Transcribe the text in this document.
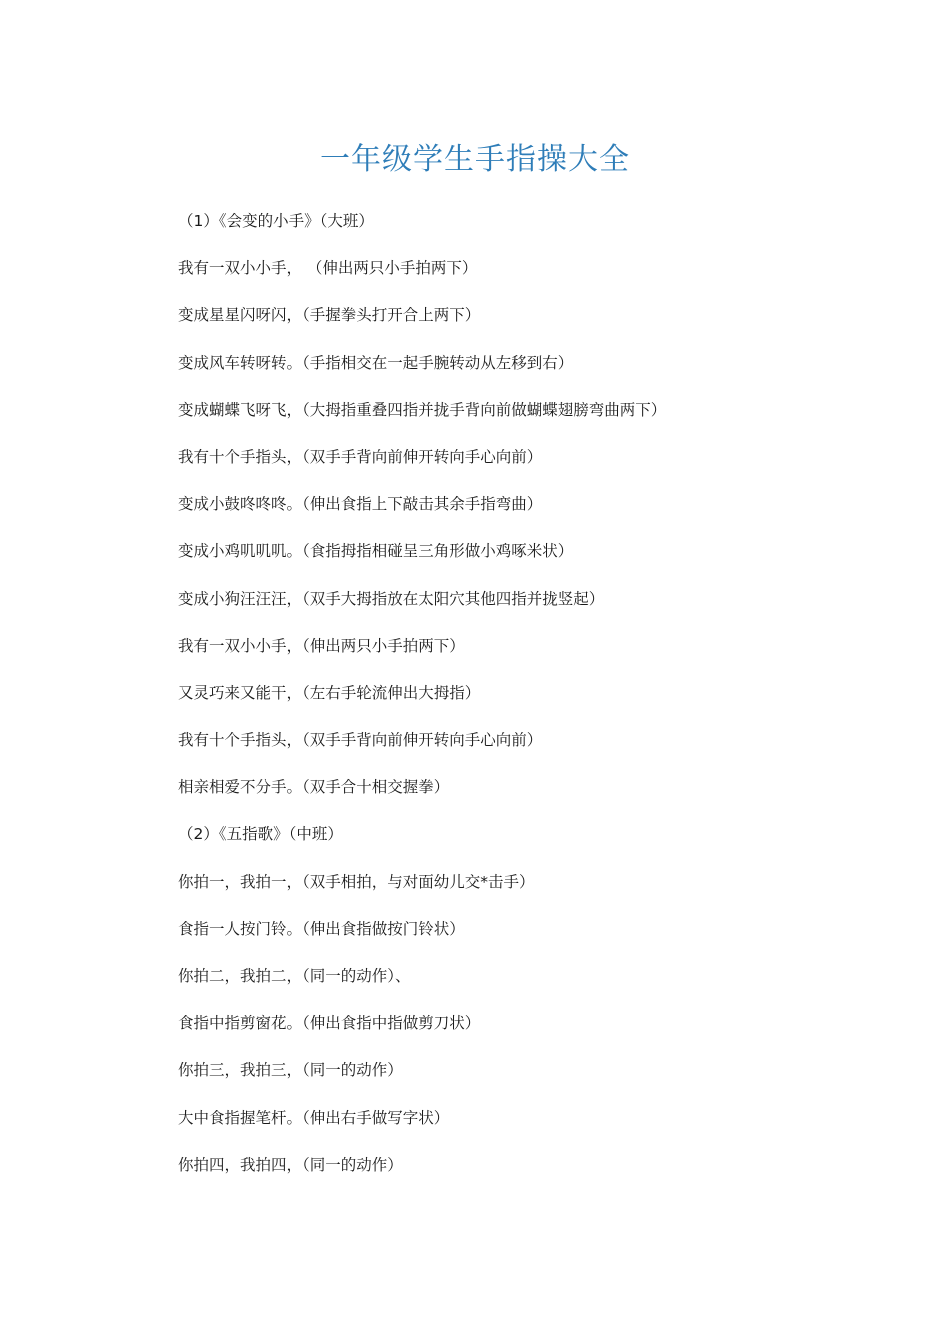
一年级学生手指操大全
（1）《会变的小手》（大班）
我有一双小小手， （伸出两只小手拍两下）
变成星星闪呀闪，（手握拳头打开合上两下）
变成风车转呀转。（手指相交在一起手腕转动从左移到右）
变成蝴蝶飞呀飞，（大拇指重叠四指并拢手背向前做蝴蝶翅膀弯曲两下）
我有十个手指头，（双手手背向前伸开转向手心向前）
变成小鼓咚咚咚。（伸出食指上下敲击其余手指弯曲）
变成小鸡叽叽叽。（食指拇指相碰呈三角形做小鸡啄米状）
变成小狗汪汪汪，（双手大拇指放在太阳穴其他四指并拢竖起）
我有一双小小手，（伸出两只小手拍两下）
又灵巧来又能干，（左右手轮流伸出大拇指）
我有十个手指头，（双手手背向前伸开转向手心向前）
相亲相爱不分手。（双手合十相交握拳）
（2）《五指歌》（中班）
你拍一，我拍一，（双手相拍，与对面幼儿交*击手）
食指一人按门铃。（伸出食指做按门铃状）
你拍二，我拍二，（同一的动作）、
食指中指剪窗花。（伸出食指中指做剪刀状）
你拍三，我拍三，（同一的动作）
大中食指握笔杆。（伸出右手做写字状）
你拍四，我拍四，（同一的动作）
